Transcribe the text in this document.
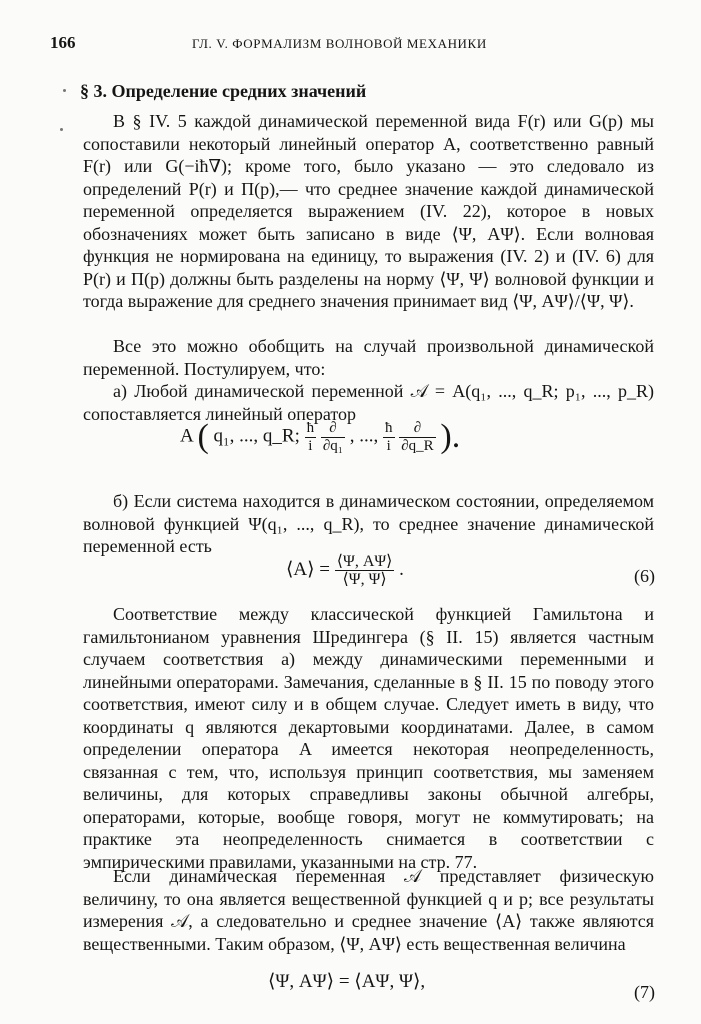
166	ГЛ. V. ФОРМАЛИЗМ ВОЛНОВОЙ МЕХАНИКИ
§ 3. Определение средних значений

В § IV. 5 каждой динамической переменной вида F(r) или G(p) мы сопоставили некоторый линейный оператор A, соответственно равный F(r) или G(−iħ∇); кроме того, было указано — это следовало из определений P(r) и Π(p),— что среднее значение каждой динамической переменной определяется выражением (IV. 22), которое в новых обозначениях может быть записано в виде ⟨Ψ, AΨ⟩. Если волновая функция не нормирована на единицу, то выражения (IV. 2) и (IV. 6) для P(r) и Π(p) должны быть разделены на норму ⟨Ψ, Ψ⟩ волновой функции и тогда выражение для среднего значения принимает вид ⟨Ψ, AΨ⟩/⟨Ψ, Ψ⟩.

Все это можно обобщить на случай произвольной динамической переменной. Постулируем, что:

а) Любой динамической переменной 𝒜 = A(q₁, ..., q_R; p₁, ..., p_R) сопоставляется линейный оператор

A ( q₁, ..., q_R; $\frac{ħ}{i}$
$\frac{\partial}{\text{∂q₁}}$ , ..., $\frac{ħ}{i}$
$\frac{\partial}{\partial q\_R}$ ).

б) Если система находится в динамическом состоянии, определяемом волновой функцией Ψ(q₁, ..., q_R), то среднее значение динамической переменной есть

⟨A⟩ = $\frac{⟨\Psi, A\Psi⟩}{⟨\Psi, \Psi⟩}$ .	(6)

Соответствие между классической функцией Гамильтона и гамильтонианом уравнения Шредингера (§ II. 15) является частным случаем соответствия а) между динамическими переменными и линейными операторами. Замечания, сделанные в § II. 15 по поводу этого соответствия, имеют силу и в общем случае. Следует иметь в виду, что координаты q являются декартовыми координатами. Далее, в самом определении оператора A имеется некоторая неопределенность, связанная с тем, что, используя принцип соответствия, мы заменяем величины, для которых справедливы законы обычной алгебры, операторами, которые, вообще говоря, могут не коммутировать; на практике эта неопределенность снимается в соответствии с эмпирическими правилами, указанными на стр. 77.

Если динамическая переменная 𝒜 представляет физическую величину, то она является вещественной функцией q и p; все результаты измерения 𝒜, а следовательно и среднее значение ⟨A⟩ также являются вещественными. Таким образом, ⟨Ψ, AΨ⟩ есть вещественная величина

⟨Ψ, AΨ⟩ = ⟨AΨ, Ψ⟩,	(7)
